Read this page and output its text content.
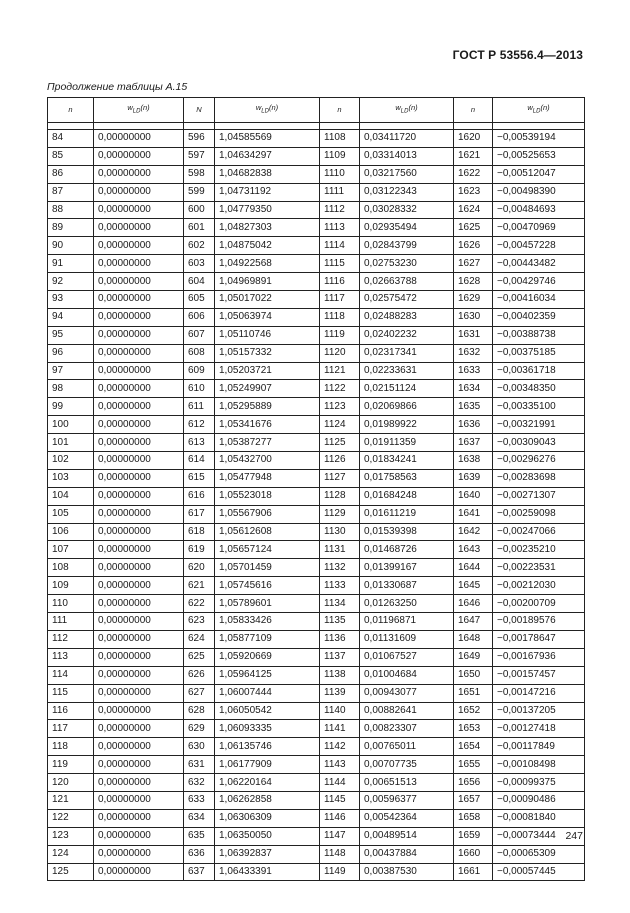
ГОСТ Р 53556.4—2013
Продолжение таблицы А.15
n	$w_{LD}(n)$	N	$w_{LD}(n)$	n	$w_{LD}(n)$	n	$w_{LD}(n)$

84	0,00000000	596	1,04585569	1108	0,03411720	1620	−0,00539194
85	0,00000000	597	1,04634297	1109	0,03314013	1621	−0,00525653
86	0,00000000	598	1,04682838	1110	0,03217560	1622	−0,00512047
87	0,00000000	599	1,04731192	1111	0,03122343	1623	−0,00498390
88	0,00000000	600	1,04779350	1112	0,03028332	1624	−0,00484693
89	0,00000000	601	1,04827303	1113	0,02935494	1625	−0,00470969
90	0,00000000	602	1,04875042	1114	0,02843799	1626	−0,00457228
91	0,00000000	603	1,04922568	1115	0,02753230	1627	−0,00443482
92	0,00000000	604	1,04969891	1116	0,02663788	1628	−0,00429746
93	0,00000000	605	1,05017022	1117	0,02575472	1629	−0,00416034
94	0,00000000	606	1,05063974	1118	0,02488283	1630	−0,00402359
95	0,00000000	607	1,05110746	1119	0,02402232	1631	−0,00388738
96	0,00000000	608	1,05157332	1120	0,02317341	1632	−0,00375185
97	0,00000000	609	1,05203721	1121	0,02233631	1633	−0,00361718
98	0,00000000	610	1,05249907	1122	0,02151124	1634	−0,00348350
99	0,00000000	611	1,05295889	1123	0,02069866	1635	−0,00335100
100	0,00000000	612	1,05341676	1124	0,01989922	1636	−0,00321991
101	0,00000000	613	1,05387277	1125	0,01911359	1637	−0,00309043
102	0,00000000	614	1,05432700	1126	0,01834241	1638	−0,00296276
103	0,00000000	615	1,05477948	1127	0,01758563	1639	−0,00283698
104	0,00000000	616	1,05523018	1128	0,01684248	1640	−0,00271307
105	0,00000000	617	1,05567906	1129	0,01611219	1641	−0,00259098
106	0,00000000	618	1,05612608	1130	0,01539398	1642	−0,00247066
107	0,00000000	619	1,05657124	1131	0,01468726	1643	−0,00235210
108	0,00000000	620	1,05701459	1132	0,01399167	1644	−0,00223531
109	0,00000000	621	1,05745616	1133	0,01330687	1645	−0,00212030
110	0,00000000	622	1,05789601	1134	0,01263250	1646	−0,00200709
111	0,00000000	623	1,05833426	1135	0,01196871	1647	−0,00189576
112	0,00000000	624	1,05877109	1136	0,01131609	1648	−0,00178647
113	0,00000000	625	1,05920669	1137	0,01067527	1649	−0,00167936
114	0,00000000	626	1,05964125	1138	0,01004684	1650	−0,00157457
115	0,00000000	627	1,06007444	1139	0,00943077	1651	−0,00147216
116	0,00000000	628	1,06050542	1140	0,00882641	1652	−0,00137205
117	0,00000000	629	1,06093335	1141	0,00823307	1653	−0,00127418
118	0,00000000	630	1,06135746	1142	0,00765011	1654	−0,00117849
119	0,00000000	631	1,06177909	1143	0,00707735	1655	−0,00108498
120	0,00000000	632	1,06220164	1144	0,00651513	1656	−0,00099375
121	0,00000000	633	1,06262858	1145	0,00596377	1657	−0,00090486
122	0,00000000	634	1,06306309	1146	0,00542364	1658	−0,00081840
123	0,00000000	635	1,06350050	1147	0,00489514	1659	−0,00073444
124	0,00000000	636	1,06392837	1148	0,00437884	1660	−0,00065309
125	0,00000000	637	1,06433391	1149	0,00387530	1661	−0,00057445
247
